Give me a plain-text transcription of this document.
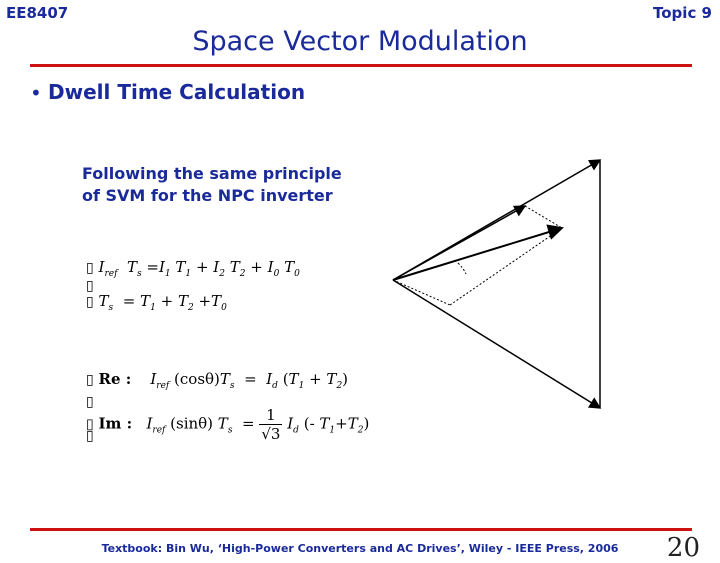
EE8407	Topic 9
Space Vector Modulation
• Dwell Time Calculation
Following the same principle
of SVM for the NPC inverter
▯ $I_{ref}$ $T_s =I_1$ $T_1 + I_2$ $T_2 + I_0$ $T_0$
▯
▯ $T_s = T_1 + T_2 +T_0$
▯ Re :    $I_{ref}$ $(\cos\theta)T_s = I_d$ $(T_1 + T_2)$
▯
▯ Im :   $I_{ref}$ (sinθ) $T_s = \frac{1}{√3} I_d$ (- $T_1+T_2$)
▯
Textbook: Bin Wu, ‘High-Power Converters and AC Drives’, Wiley - IEEE Press, 2006	20
